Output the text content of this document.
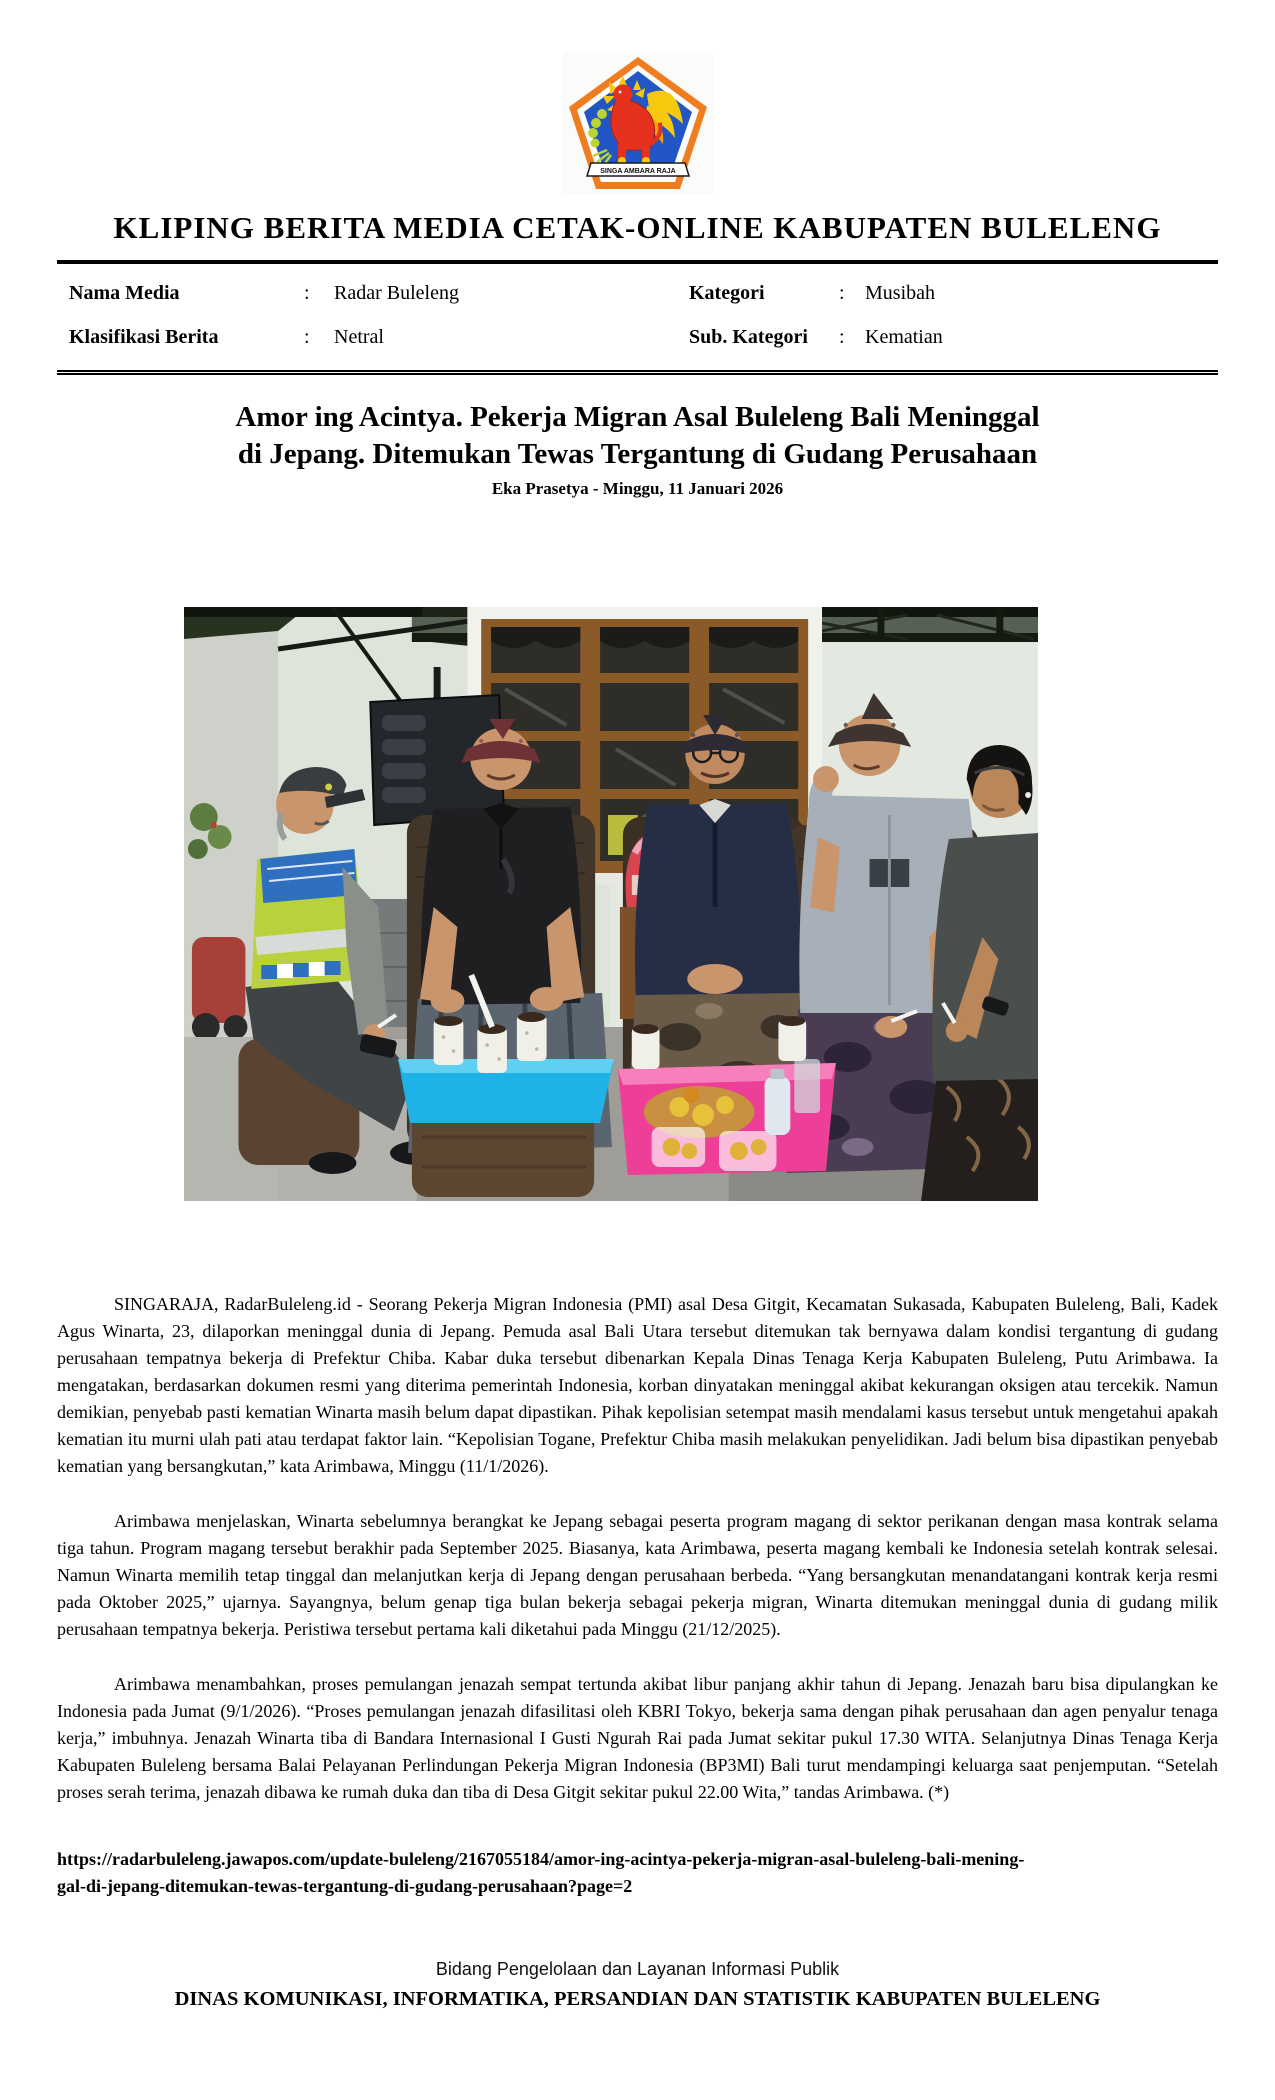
SINGA AMBARA RAJA
KLIPING BERITA MEDIA CETAK-ONLINE KABUPATEN BULELENG
Nama Media	:	Radar Buleleng	Kategori	:	Musibah
Klasifikasi Berita	:	Netral	Sub. Kategori	:	Kematian
Amor ing Acintya. Pekerja Migran Asal Buleleng Bali Meninggal
di Jepang. Ditemukan Tewas Tergantung di Gudang Perusahaan
Eka Prasetya - Minggu, 11 Januari 2026

SINGARAJA, RadarBuleleng.id - Seorang Pekerja Migran Indonesia (PMI) asal Desa Gitgit, Kecamatan Sukasada, Kabupaten Buleleng, Bali, Kadek Agus Winarta, 23, dilaporkan meninggal dunia di Jepang. Pemuda asal Bali Utara tersebut ditemukan tak bernyawa dalam kondisi tergantung di gudang perusahaan tempatnya bekerja di Prefektur Chiba. Kabar duka tersebut dibenarkan Kepala Dinas Tenaga Kerja Kabupaten Buleleng, Putu Arimbawa. Ia mengatakan, berdasarkan dokumen resmi yang diterima pemerintah Indonesia, korban dinyatakan meninggal akibat kekurangan oksigen atau tercekik. Namun demikian, penyebab pasti kematian Winarta masih belum dapat dipastikan. Pihak kepolisian setempat masih mendalami kasus tersebut untuk mengetahui apakah kematian itu murni ulah pati atau terdapat faktor lain. “Kepolisian Togane, Prefektur Chiba masih melakukan penyelidikan. Jadi belum bisa dipastikan penyebab kematian yang bersangkutan,” kata Arimbawa, Minggu (11/1/2026).

Arimbawa menjelaskan, Winarta sebelumnya berangkat ke Jepang sebagai peserta program magang di sektor perikanan dengan masa kontrak selama tiga tahun. Program magang tersebut berakhir pada September 2025. Biasanya, kata Arimbawa, peserta magang kembali ke Indonesia setelah kontrak selesai. Namun Winarta memilih tetap tinggal dan melanjutkan kerja di Jepang dengan perusahaan berbeda. “Yang bersangkutan menandatangani kontrak kerja resmi pada Oktober 2025,” ujarnya. Sayangnya, belum genap tiga bulan bekerja sebagai pekerja migran, Winarta ditemukan meninggal dunia di gudang milik perusahaan tempatnya bekerja. Peristiwa tersebut pertama kali diketahui pada Minggu (21/12/2025).

Arimbawa menambahkan, proses pemulangan jenazah sempat tertunda akibat libur panjang akhir tahun di Jepang. Jenazah baru bisa dipulangkan ke Indonesia pada Jumat (9/1/2026). “Proses pemulangan jenazah difasilitasi oleh KBRI Tokyo, bekerja sama dengan pihak perusahaan dan agen penyalur tenaga kerja,” imbuhnya. Jenazah Winarta tiba di Bandara Internasional I Gusti Ngurah Rai pada Jumat sekitar pukul 17.30 WITA. Selanjutnya Dinas Tenaga Kerja Kabupaten Buleleng bersama Balai Pelayanan Perlindungan Pekerja Migran Indonesia (BP3MI) Bali turut mendampingi keluarga saat penjemputan. “Setelah proses serah terima, jenazah dibawa ke rumah duka dan tiba di Desa Gitgit sekitar pukul 22.00 Wita,” tandas Arimbawa. (*)

https://radarbuleleng.jawapos.com/update-buleleng/2167055184/amor-ing-acintya-pekerja-migran-asal-buleleng-bali-mening-
gal-di-jepang-ditemukan-tewas-tergantung-di-gudang-perusahaan?page=2
Bidang Pengelolaan dan Layanan Informasi Publik
DINAS KOMUNIKASI, INFORMATIKA, PERSANDIAN DAN STATISTIK KABUPATEN BULELENG
